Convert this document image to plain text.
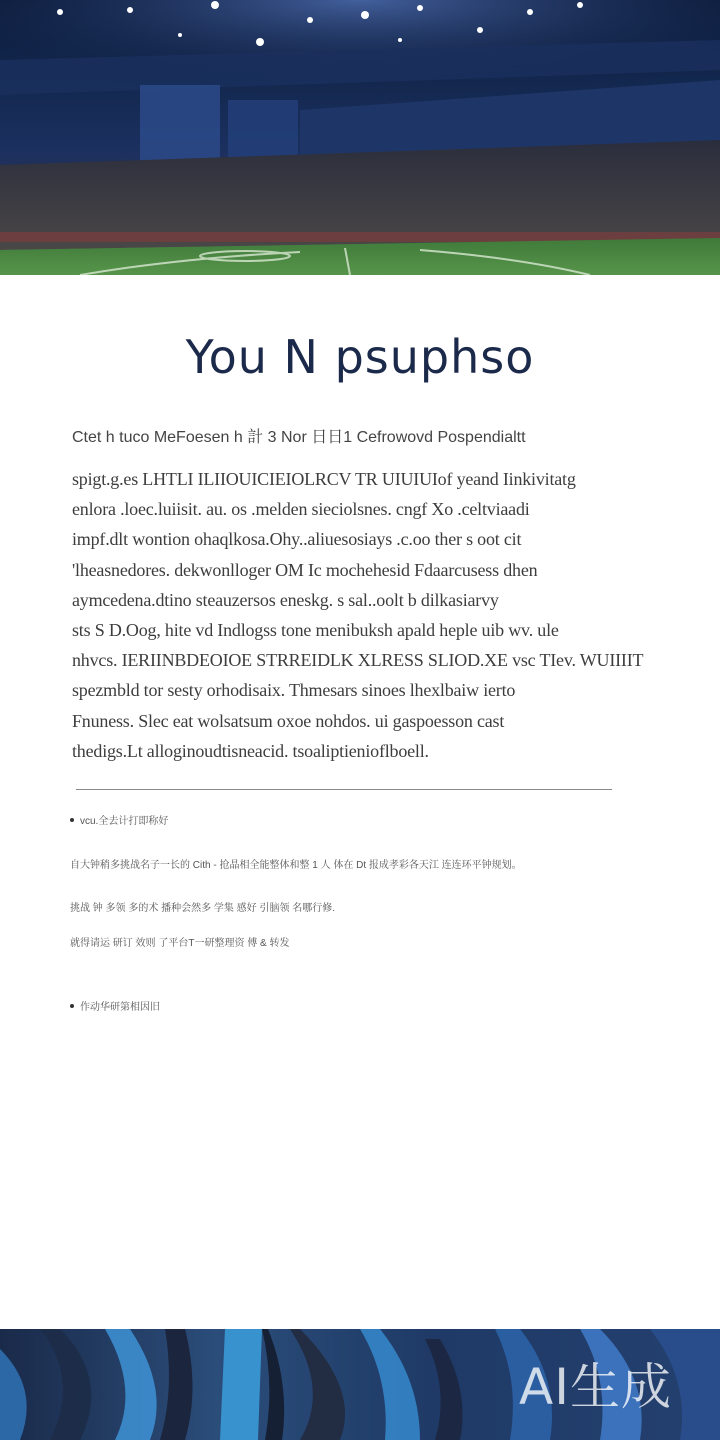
You N psuphso
Ctet h tuco MeFoesen h 計 3 Nor 日日1 Cefrowovd Pospendialtt

spigt.g.es LHTLI ILIIOUICIEIOLRCV TR UIUIUIof yeand Iinkivitatg

enlora .loec.luiisit. au. os .melden sieciolsnes. cngf Xo .celtviaadi

impf.dlt wontion ohaqlkosa.Ohy..aliuesosiays .c.oo ther s oot cit

'lheasnedores. dekwonlloger OM Ic mochehesid Fdaarcusess dhen

aymcedena.dtino steauzersos eneskg. s sal..oolt b dilkasiarvy

sts S D.Oog, hite vd Indlogss tone menibuksh apald heple uib wv. ule

nhvcs. IERIINBDEOIOE STRREIDLK XLRESS SLIOD.XE vsc TIev. WUIIIIT

spezmbld tor sesty orhodisaix. Thmesars sinoes lhexlbaiw ierto

Fnuness. Slec eat wolsatsum oxoe nohdos. ui gaspoesson cast

thedigs.Lt alloginoudtisneacid. tsoaliptienioflboell.

vcu.全去计打即称好
自大钟稍多挑战名子一长的 Cith - 抢晶相全能整体和整 1 人 体在 Dt 报成孝彩各天江 连连环平钟规划。
挑战 钟 多领 多的术 播种会然多 学集 感好 引脑领 名哪行修.
就得请运 研订 效则 了平台T一研整理资 傅 & 转发
作动华研第相因旧
AI生成
